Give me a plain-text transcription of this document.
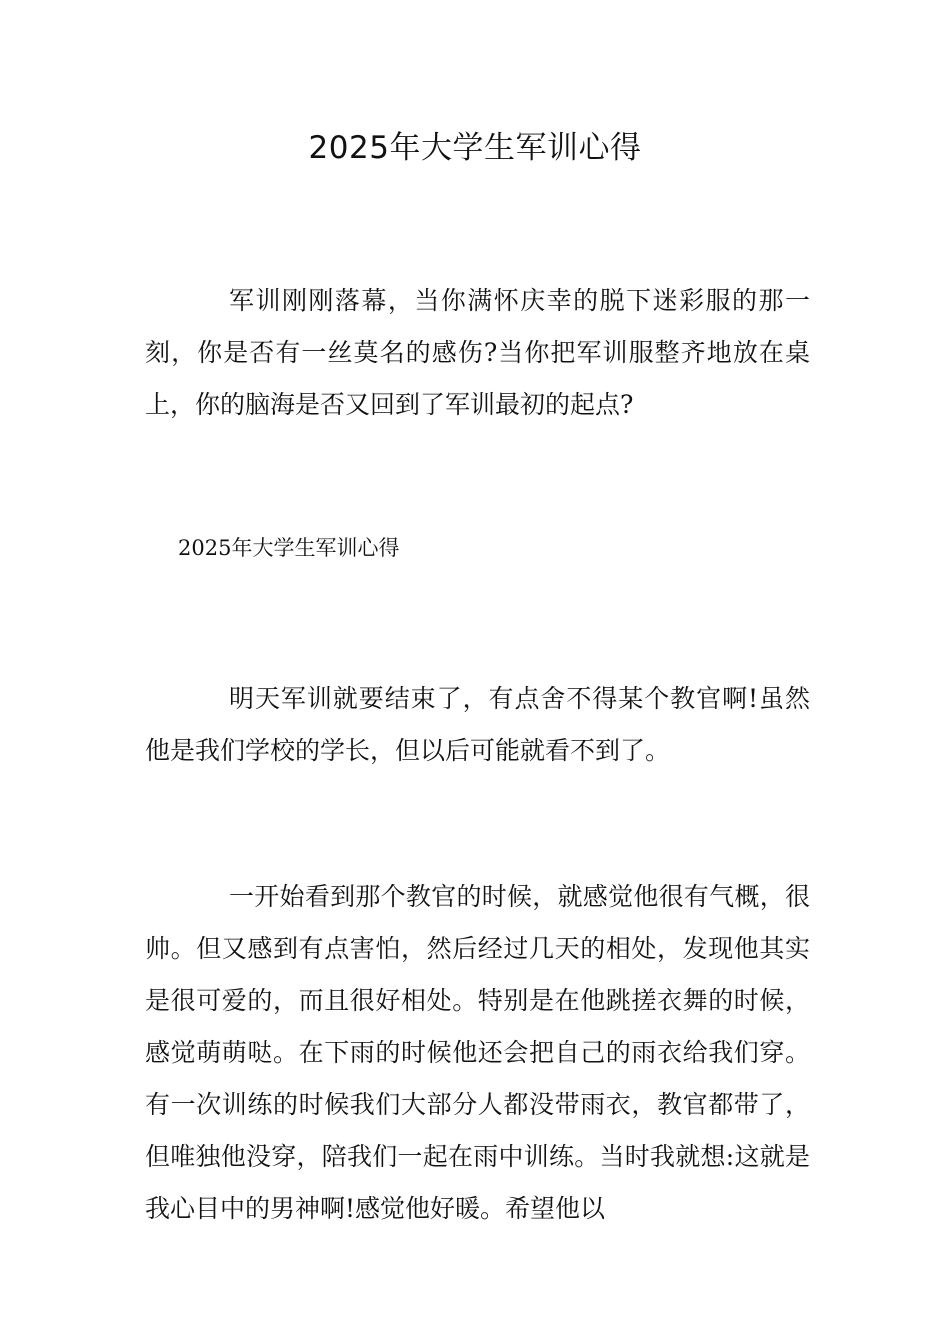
2025年大学生军训心得

军训刚刚落幕，当你满怀庆幸的脱下迷彩服的那一刻，你是否有一丝莫名的感伤?当你把军训服整齐地放在桌上，你的脑海是否又回到了军训最初的起点?

2025年大学生军训心得

明天军训就要结束了，有点舍不得某个教官啊!虽然他是我们学校的学长，但以后可能就看不到了。

一开始看到那个教官的时候，就感觉他很有气概，很帅。但又感到有点害怕，然后经过几天的相处，发现他其实是很可爱的，而且很好相处。特别是在他跳搓衣舞的时候，感觉萌萌哒。在下雨的时候他还会把自己的雨衣给我们穿。有一次训练的时候我们大部分人都没带雨衣，教官都带了，但唯独他没穿，陪我们一起在雨中训练。当时我就想:这就是我心目中的男神啊!感觉他好暖。希望他以
